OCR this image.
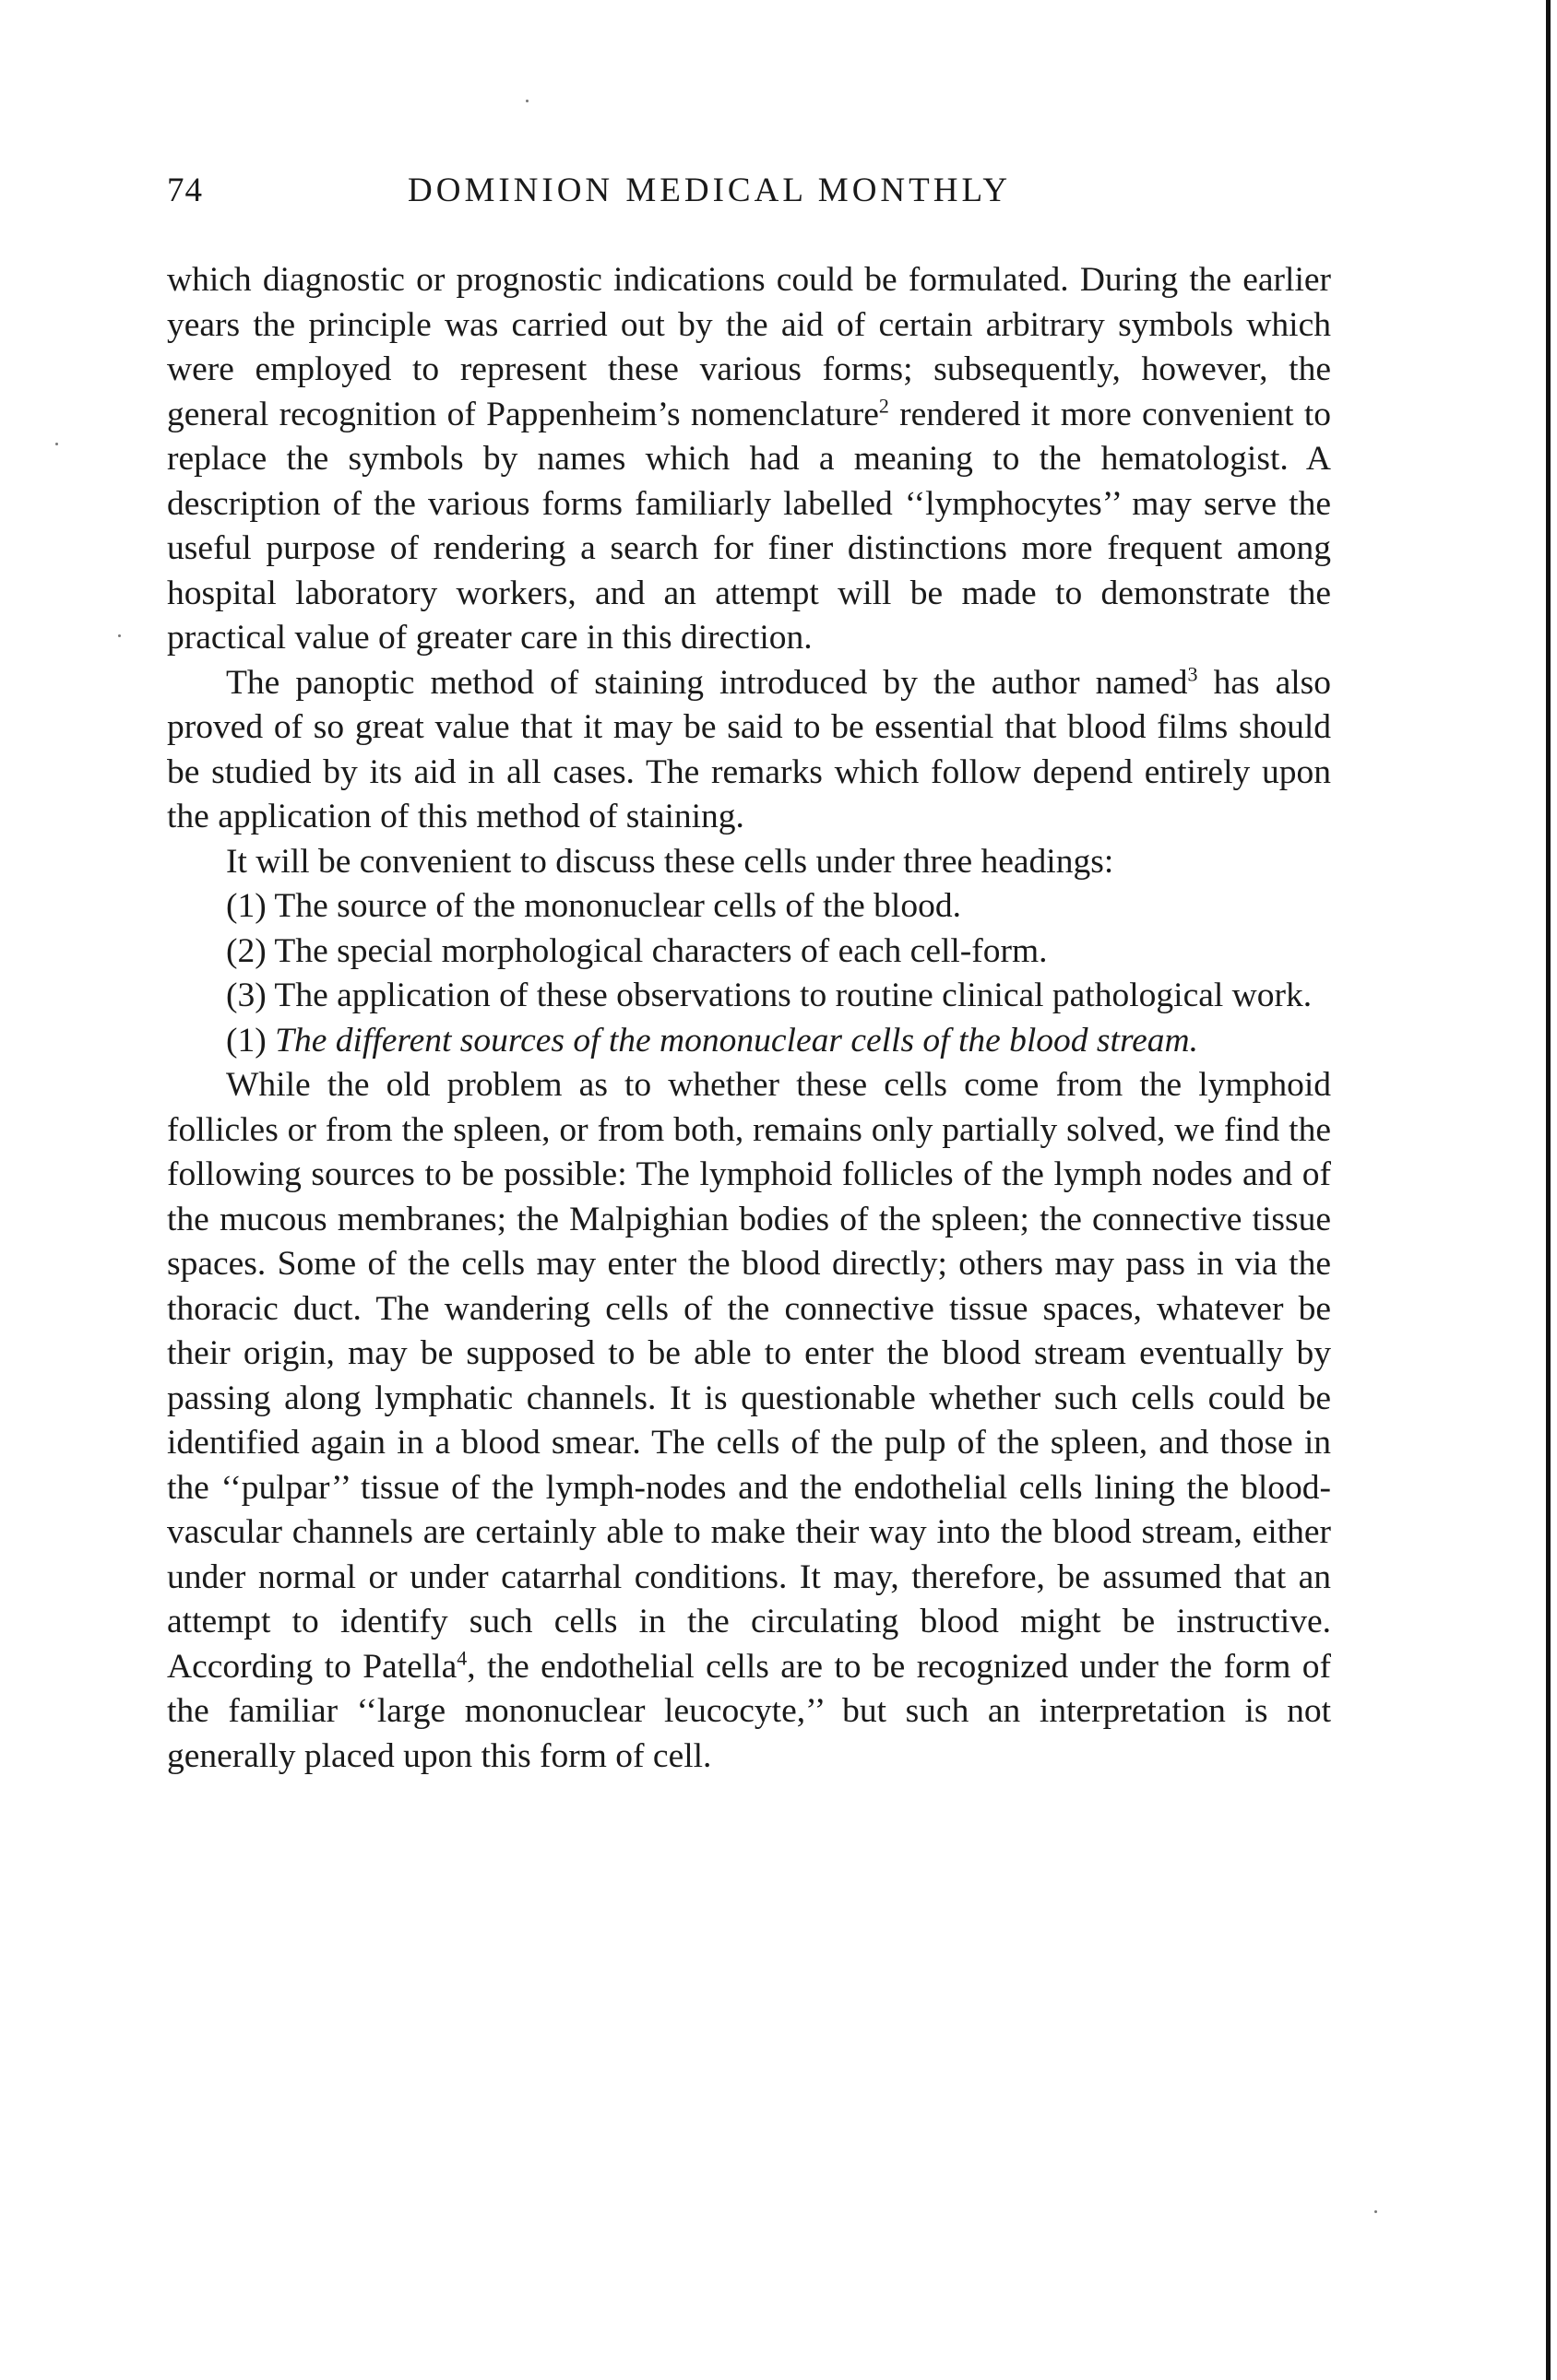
74	DOMINION MEDICAL MONTHLY

which diagnostic or prognostic indications could be formulated. During the earlier years the principle was carried out by the aid of certain arbitrary symbols which were employed to represent these various forms; subsequently, however, the general recognition of Pappenheim’s nomenclature$^2$ rendered it more convenient to replace the symbols by names which had a meaning to the hematologist. A description of the various forms familiarly labelled ‘‘lymphocytes’’ may serve the useful purpose of rendering a search for finer distinctions more frequent among hospital laboratory workers, and an attempt will be made to demonstrate the practical value of greater care in this direction.

The panoptic method of staining introduced by the author named$^3$ has also proved of so great value that it may be said to be essential that blood films should be studied by its aid in all cases. The remarks which follow depend entirely upon the application of this method of staining.

It will be convenient to discuss these cells under three headings:

(1) The source of the mononuclear cells of the blood.

(2) The special morphological characters of each cell-form.

(3) The application of these observations to routine clinical pathological work.

(1) The different sources of the mononuclear cells of the blood stream.

While the old problem as to whether these cells come from the lymphoid follicles or from the spleen, or from both, remains only partially solved, we find the following sources to be possible: The lymphoid follicles of the lymph nodes and of the mucous membranes; the Malpighian bodies of the spleen; the connective tissue spaces. Some of the cells may enter the blood directly; others may pass in via the thoracic duct. The wandering cells of the connective tissue spaces, whatever be their origin, may be supposed to be able to enter the blood stream eventually by passing along lymphatic channels. It is questionable whether such cells could be identified again in a blood smear. The cells of the pulp of the spleen, and those in the ‘‘pulpar’’ tissue of the lymph-nodes and the endothelial cells lining the blood-vascular channels are certainly able to make their way into the blood stream, either under normal or under catarrhal conditions. It may, therefore, be assumed that an attempt to identify such cells in the circulating blood might be instructive. According to Patella$^4$, the endothelial cells are to be recognized under the form of the familiar ‘‘large mononuclear leucocyte,’’ but such an interpretation is not generally placed upon this form of cell.
